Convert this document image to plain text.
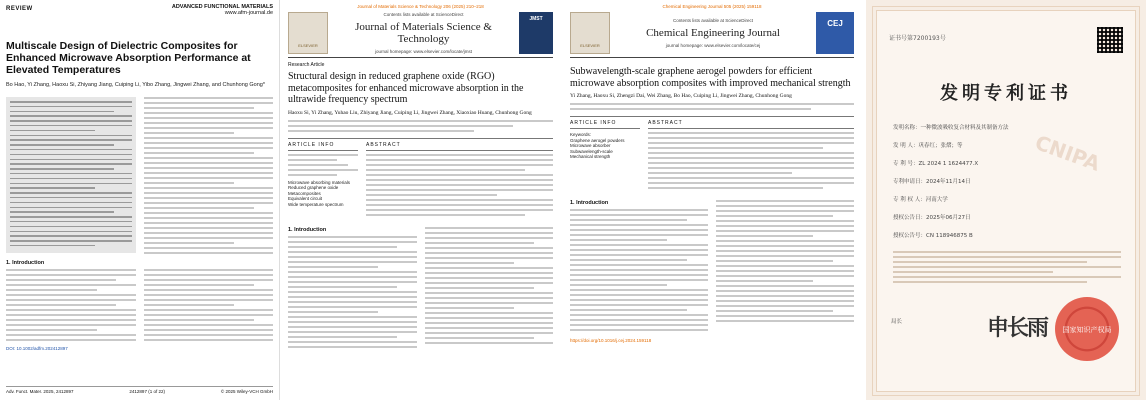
REVIEW	ADVANCED FUNCTIONAL MATERIALS
www.afm-journal.de
Multiscale Design of Dielectric Composites for Enhanced Microwave Absorption Performance at Elevated Temperatures
Bo Hao, Yi Zhang, Haoxu Si, Zhiyang Jiang, Cuiping Li, Yibo Zhang, Jingwei Zhang, and Chunhong Gong*
1. Introduction
DOI: 10.1002/adfm.202412897
Adv. Funct. Mater. 2025, 2412897	2412897 (1 of 22)	© 2025 Wiley-VCH GmbH
Journal of Materials Science & Technology 206 (2025) 210–218
ELSEVIER
Contents lists available at ScienceDirect
Journal of Materials Science & Technology
journal homepage: www.elsevier.com/locate/jmst
JMST
Research Article
Structural design in reduced graphene oxide (RGO) metacomposites for enhanced microwave absorption in the ultrawide frequency spectrum
Haoxu Si, Yi Zhang, Yuhao Liu, Zhiyang Jiang, Cuiping Li, Jingwei Zhang, Xiaoxiao Huang, Chunhong Gong
ARTICLE INFO
Microwave absorbing materials
Reduced graphene oxide
Metacomposites
Equivalent circuit
Wide temperature spectrum
ABSTRACT
1. Introduction
Chemical Engineering Journal 505 (2025) 159118
ELSEVIER
Contents lists available at ScienceDirect
Chemical Engineering Journal
journal homepage: www.elsevier.com/locate/cej
CEJ
Subwavelength-scale graphene aerogel powders for efficient microwave absorption composites with improved mechanical strength
Yi Zhang, Haoxu Si, Zhengzi Dai, Wei Zhang, Bo Hao, Cuiping Li, Jingwei Zhang, Chunhong Gong
ARTICLE INFO
Keywords:
Graphene aerogel powders
Microwave absorber
Subwavelength-scale
Mechanical strength
ABSTRACT
1. Introduction
https://doi.org/10.1016/j.cej.2024.159118
CNIPA
证书号第7200193号
发明专利证书
发明名称：一种微波吸收复合材料及其制备方法
发 明 人：巩春红；张熠；等
专 利 号：ZL 2024 1 1624477.X
专利申请日：2024年11月14日
专 利 权 人：河南大学
授权公告日：2025年06月27日
授权公告号：CN 118946875 B
局长	申长雨	国家知识产权局
